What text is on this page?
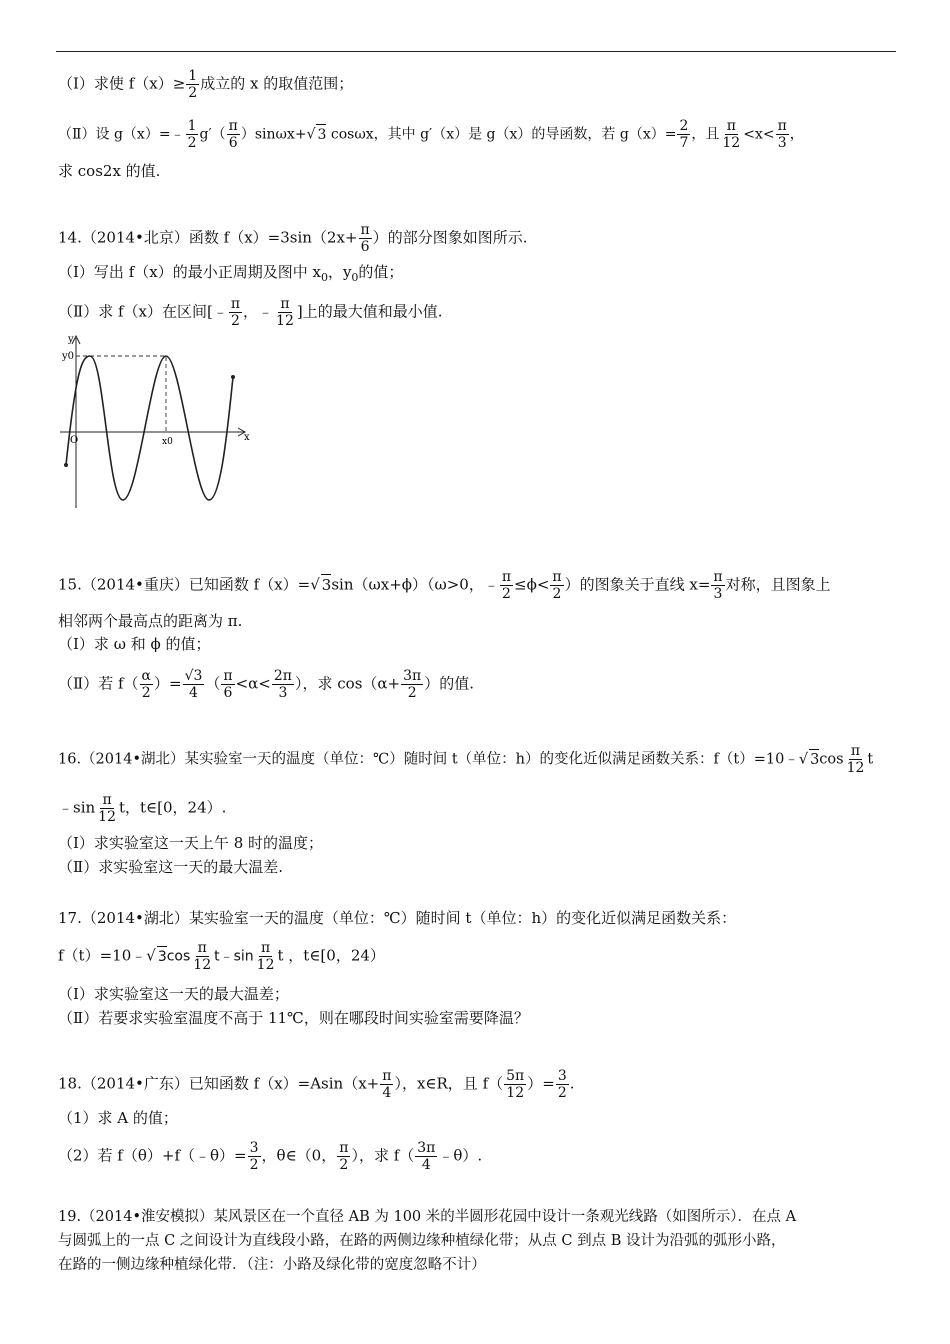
（Ⅰ）求使 $f(x)\ge \frac{1}{2}$ 成立的 x 的取值范围；
（Ⅱ）设 g（x）=﹣ $\frac{1}{2} g'( \frac{\pi}{6} )\sin\omega x+√$ 3 cosωx，其中 g′（x）是 g（x）的导函数，若 $g(x)= \frac{2}{7}$ ，且 $\frac{\pi}{12} <x< \frac{\pi}{3}$ ，
求 cos2x 的值.
14.（2014•北京）函数 $f(x)=3\sin(2x+ \frac{\pi}{6}$ ）的部分图象如图所示.
（Ⅰ）写出 f（x）的最小正周期及图中 $x_0$，$y_0$的值；
（Ⅱ）求 f（x）在区间[﹣ $\frac{\pi}{2}$ ，﹣ $\frac{\pi}{12}$ ]上的最大值和最小值.
y
y0
x
O	x0
15.（2014•重庆）已知函数 f（x）=√ 3sin（ωx+ϕ）（ω>0，﹣ $\frac{\pi}{2} \le\phi< \frac{\pi}{2}$ ）的图象关于直线 $x= \frac{\pi}{3}$ 对称，且图象上
相邻两个最高点的距离为 π.
（Ⅰ）求 ω 和 ϕ 的值；
（Ⅱ）若 $f( \frac{\alpha}{2}$ ）= $\frac{√3}{4}$ （ $\frac{\pi}{6} <\alpha< \frac{2\pi}{3}$ ），求 $\cos(\alpha+ \frac{3\pi}{2}$ ）的值.
16.（2014•湖北）某实验室一天的温度（单位：℃）随时间 t（单位：h）的变化近似满足函数关系：f（t）=10﹣√ $3\cos \frac{\pi}{12}$ t
﹣sin $\frac{\pi}{12}$ t，t∈[0，24）.
（Ⅰ）求实验室这一天上午 8 时的温度；
（Ⅱ）求实验室这一天的最大温差.
17.（2014•湖北）某实验室一天的温度（单位：℃）随时间 t（单位：h）的变化近似满足函数关系：
f（t）=10﹣√ $3\cos \frac{\pi}{12}$ t﹣sin $\frac{\pi}{12}$ t ，t∈[0，24）
（Ⅰ）求实验室这一天的最大温差；
（Ⅱ）若要求实验室温度不高于 11℃，则在哪段时间实验室需要降温？
18.（2014•广东）已知函数 $f(x)=Asin(x+ \frac{\pi}{4}$ ），x∈R，且 $f( \frac{5\pi}{12}$ ）= $\frac{3}{2}$ .
（1）求 A 的值；
（2）若 f（θ）+f（﹣θ）= $\frac{3}{2}$ ，θ∈（0， $\frac{\pi}{2}$ ），求 $f( \frac{3\pi}{4}$ ﹣θ）.
19.（2014•淮安模拟）某风景区在一个直径 AB 为 100 米的半圆形花园中设计一条观光线路（如图所示）．在点 A
与圆弧上的一点 C 之间设计为直线段小路，在路的两侧边缘种植绿化带；从点 C 到点 B 设计为沿弧的弧形小路，
在路的一侧边缘种植绿化带．（注：小路及绿化带的宽度忽略不计）
